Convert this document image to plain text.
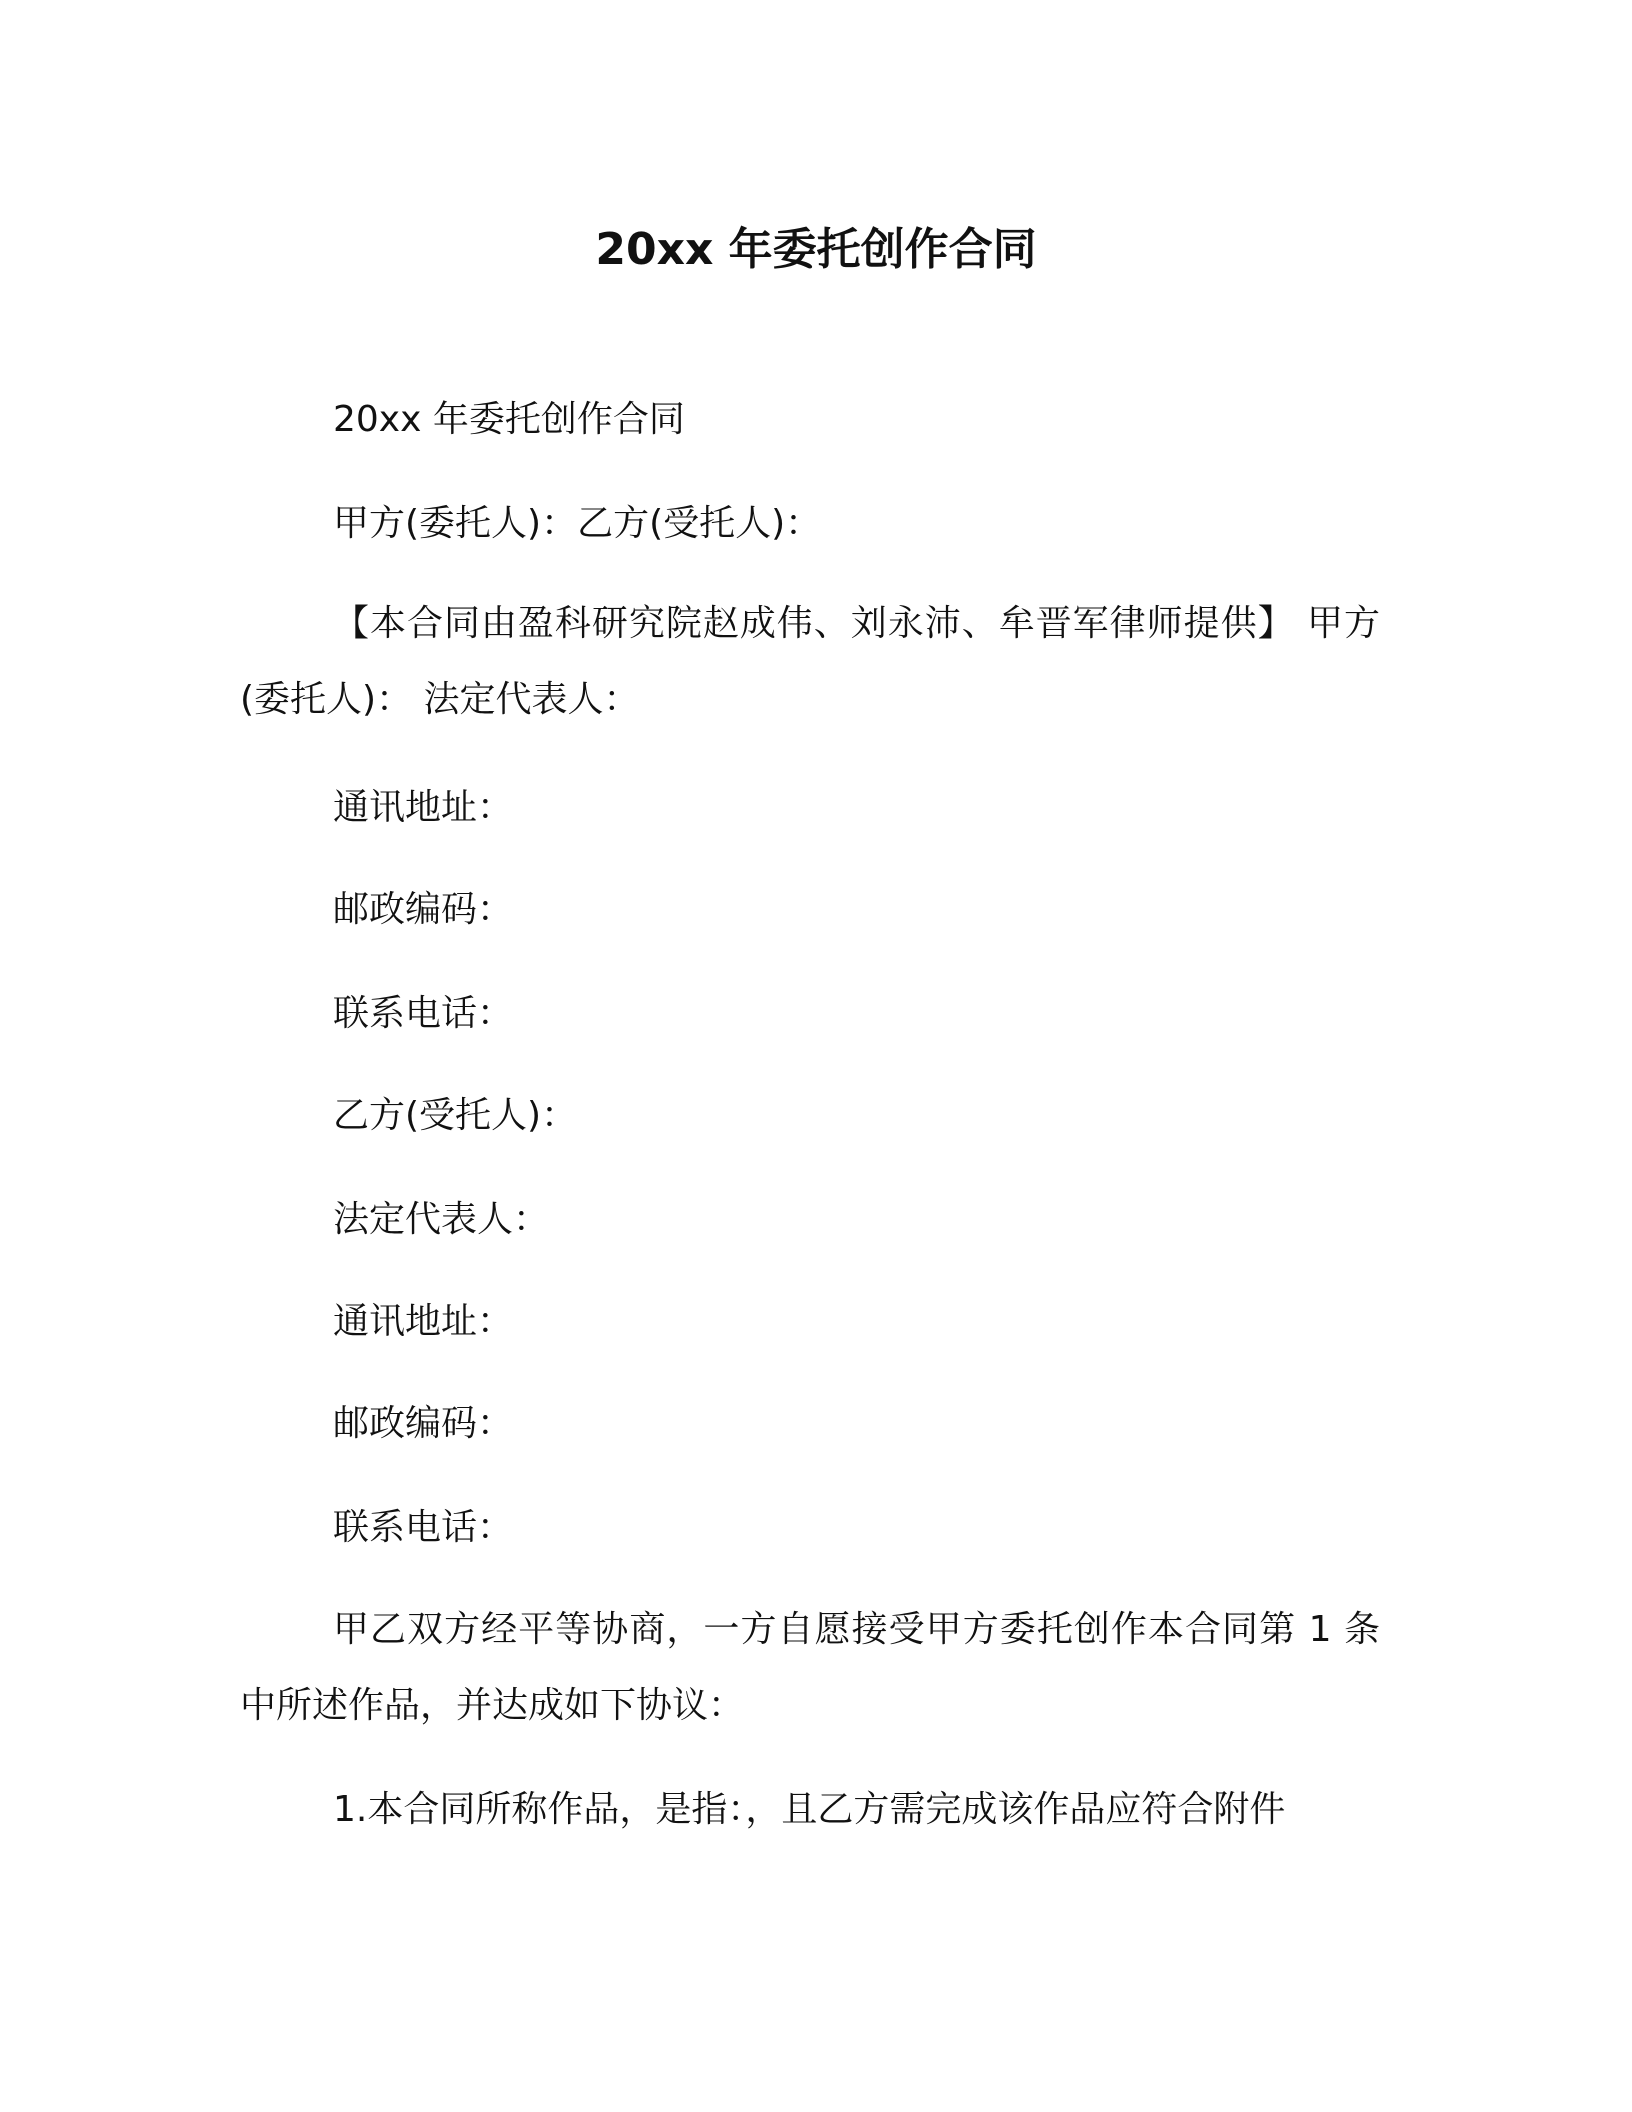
20xx 年委托创作合同
20xx 年委托创作合同
甲方(委托人)：乙方(受托人)：
【本合同由盈科研究院赵成伟、刘永沛、牟晋军律师提供】 甲方(委托人)： 法定代表人：
通讯地址：
邮政编码：
联系电话：
乙方(受托人)：
法定代表人：
通讯地址：
邮政编码：
联系电话：
甲乙双方经平等协商，一方自愿接受甲方委托创作本合同第 1 条中所述作品，并达成如下协议：
1.本合同所称作品，是指：，且乙方需完成该作品应符合附件
